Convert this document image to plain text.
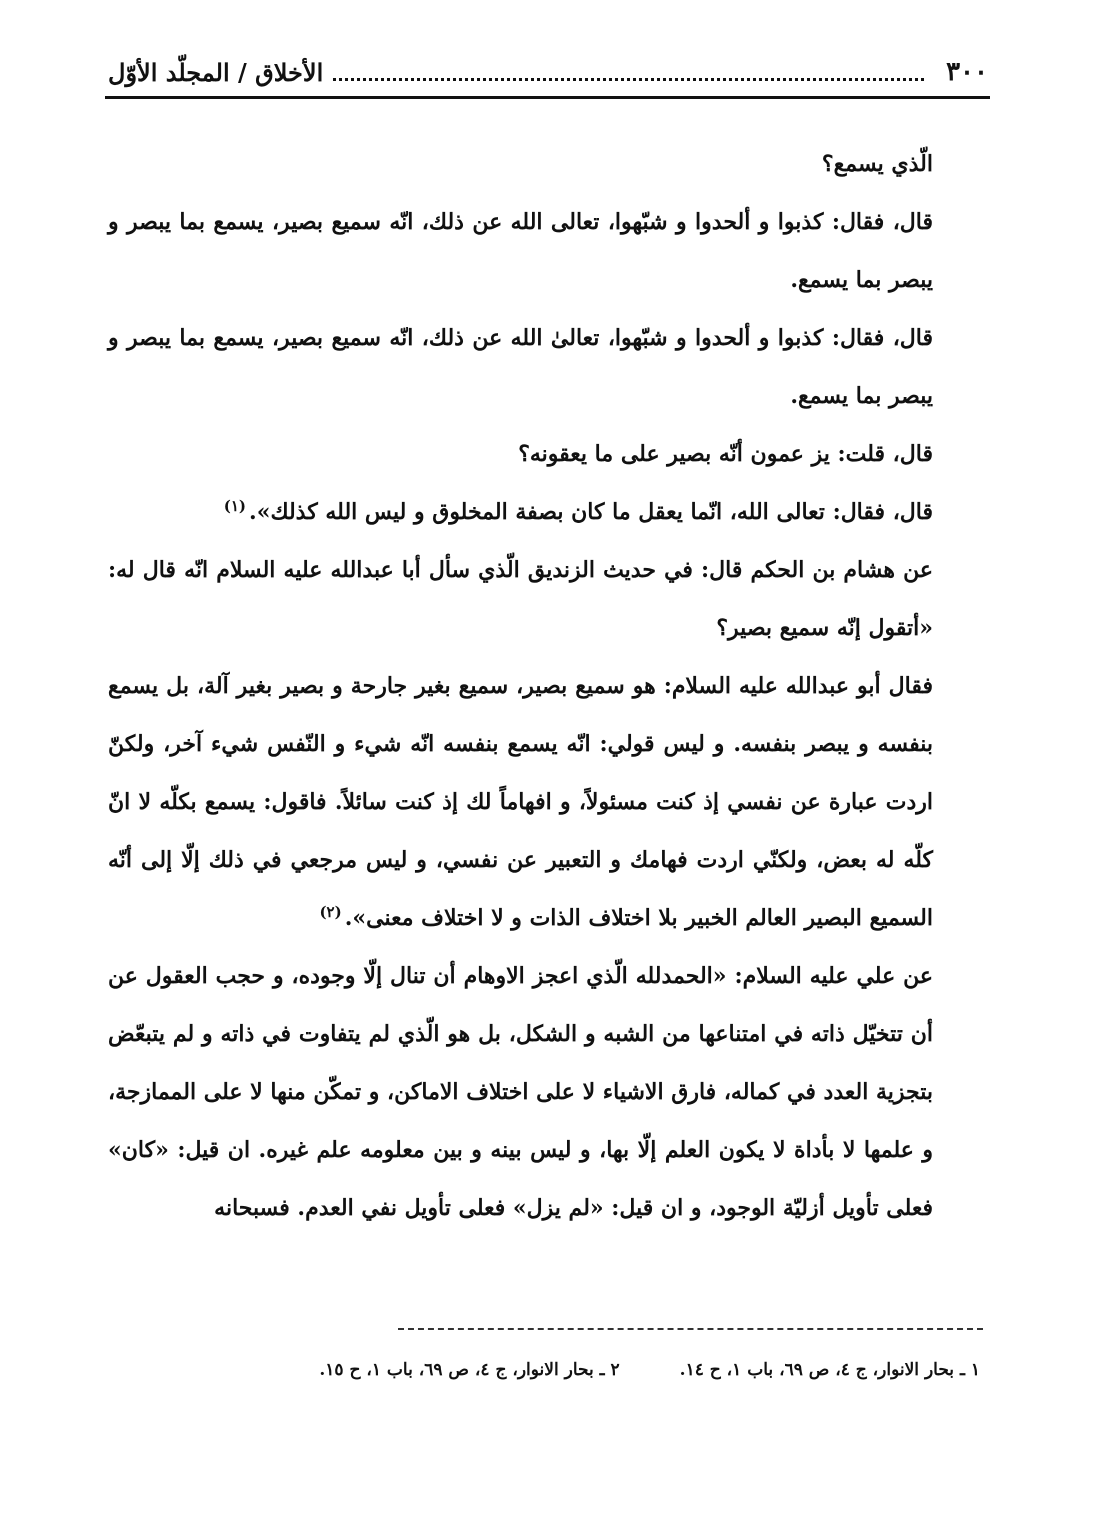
٣٠٠
الأخلاق / المجلّد الأوّل

الّذي يسمع؟

قال، فقال: كذبوا و ألحدوا و شبّهوا، تعالى الله عن ذلك، انّه سميع بصير، يسمع بما يبصر و يبصر بما يسمع.

قال، فقال: كذبوا و ألحدوا و شبّهوا، تعالىٰ الله عن ذلك، انّه سميع بصير، يسمع بما يبصر و يبصر بما يسمع.

قال، قلت: يز عمون أنّه بصير على ما يعقونه؟

قال، فقال: تعالى الله، انّما يعقل ما كان بصفة المخلوق و ليس الله كذلك».$^{(١)}$

عن هشام بن الحكم قال: في حديث الزنديق الّذي سأل أبا عبدالله عليه السلام انّه قال له: «أتقول إنّه سميع بصير؟

فقال أبو عبدالله عليه السلام: هو سميع بصير، سميع بغير جارحة و بصير بغير آلة، بل يسمع بنفسه و يبصر بنفسه. و ليس قولي: انّه يسمع بنفسه انّه شيء و النّفس شيء آخر، ولكنّ اردت عبارة عن نفسي إذ كنت مسئولاً، و افهاماً لك إذ كنت سائلاً. فاقول: يسمع بكلّه لا انّ كلّه له بعض، ولكنّي اردت فهامك و التعبير عن نفسي، و ليس مرجعي في ذلك إلّا إلى أنّه السميع البصير العالم الخبير بلا اختلاف الذات و لا اختلاف معنى».$^{(٢)}$

عن علي عليه السلام: «الحمدلله الّذي اعجز الاوهام أن تنال إلّا وجوده، و حجب العقول عن أن تتخيّل ذاته في امتناعها من الشبه و الشكل، بل هو الّذي لم يتفاوت في ذاته و لم يتبعّض بتجزية العدد في كماله، فارق الاشياء لا على اختلاف الاماكن، و تمكّن منها لا على الممازجة، و علمها لا بأداة لا يكون العلم إلّا بها، و ليس بينه و بين معلومه علم غيره. ان قيل: «كان» فعلى تأويل أزليّة الوجود، و ان قيل: «لم يزل» فعلى تأويل نفي العدم. فسبحانه

١ ـ بحار الانوار، ج ٤، ص ٦٩، باب ١، ح ١٤.
٢ ـ بحار الانوار، ج ٤، ص ٦٩، باب ١، ح ١٥.
